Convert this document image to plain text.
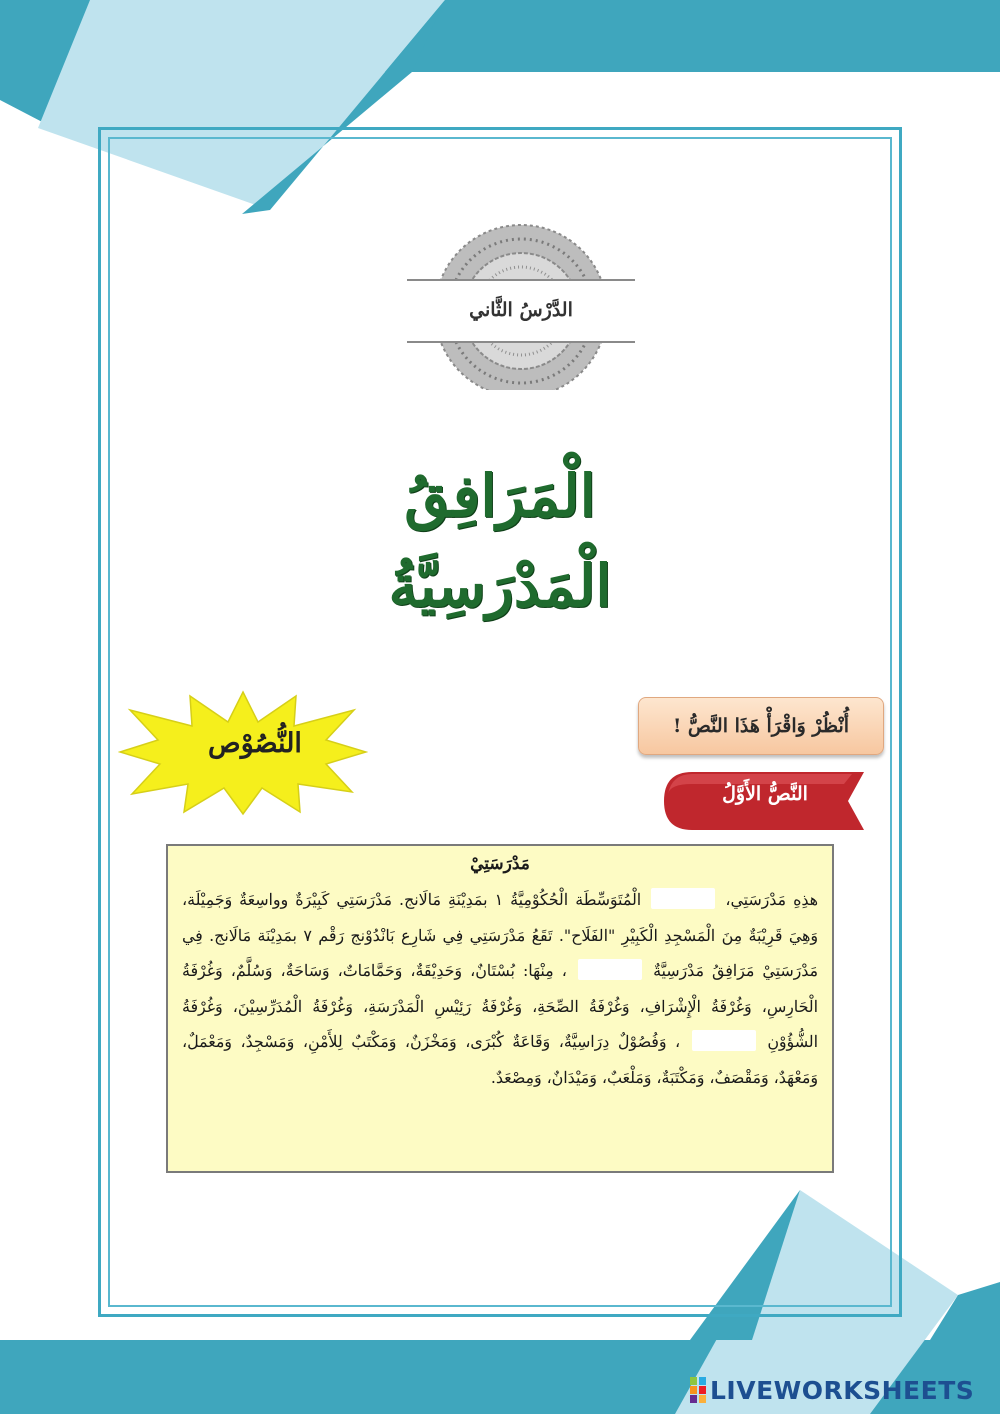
الدَّرْسُ الثَّاني
الْمَرَافِقُ
الْمَدْرَسِيَّةُ
النُّصُوْص
أُنْظُرْ وَاقْرَأْ هَذَا النَّصُّ !
النَّصُّ الأَوَّلُ
مَدْرَسَتِيْ

هذِهِ مَدْرَسَتِي،  الْمُتَوَسِّطَة الْحُكُوْمِيَّةُ ١ بمَدِيْنَةِ مَالَانج. مَدْرَسَتِي كَبِيْرَةٌ وواسِعَةٌ وَجَمِيْلَة، وَهِيَ قَرِيْبَةٌ مِنَ الْمَسْجِدِ الْكَبِيْرِ "الفَلَاح". تَقَعُ مَدْرَسَتِي فِي شَارِع بَانْدُوْنج رَقْم ٧ بمَدِيْنَة مَالَانج. فِي مَدْرَسَتِيْ مَرَافِقُ مَدْرَسِيَّةٌ  ، مِنْهَا: بُسْتَانٌ، وَحَدِيْقَةٌ، وَحَمَّامَاتٌ، وَسَاحَةٌ، وَسُلَّمٌ، وَغُرْفَةُ الْحَارِسِ، وَغُرْفَةُ الْإِشْرَافِ، وَغُرْفَةُ الصِّحَةِ، وَغُرْفَةُ رَئِيْسِ الْمَدْرَسَةِ، وَغُرْفَةُ الْمُدَرِّسِيْنَ، وَغُرْفَةُ الشُّؤُوْنِ  ، وَفُصُوْلٌ دِرَاسِيَّةٌ، وَقَاعَةٌ كُبْرَى، وَمَخْزَنٌ، وَمَكْتَبٌ لِلأَمْنِ، وَمَسْجِدٌ، وَمَعْمَلٌ، وَمَعْهَدٌ، وَمَقْصَفٌ، وَمَكْتَبَةٌ، وَمَلْعَبٌ، وَمَيْدَانٌ، وَمِصْعَدٌ.

LIVEWORKSHEETS
